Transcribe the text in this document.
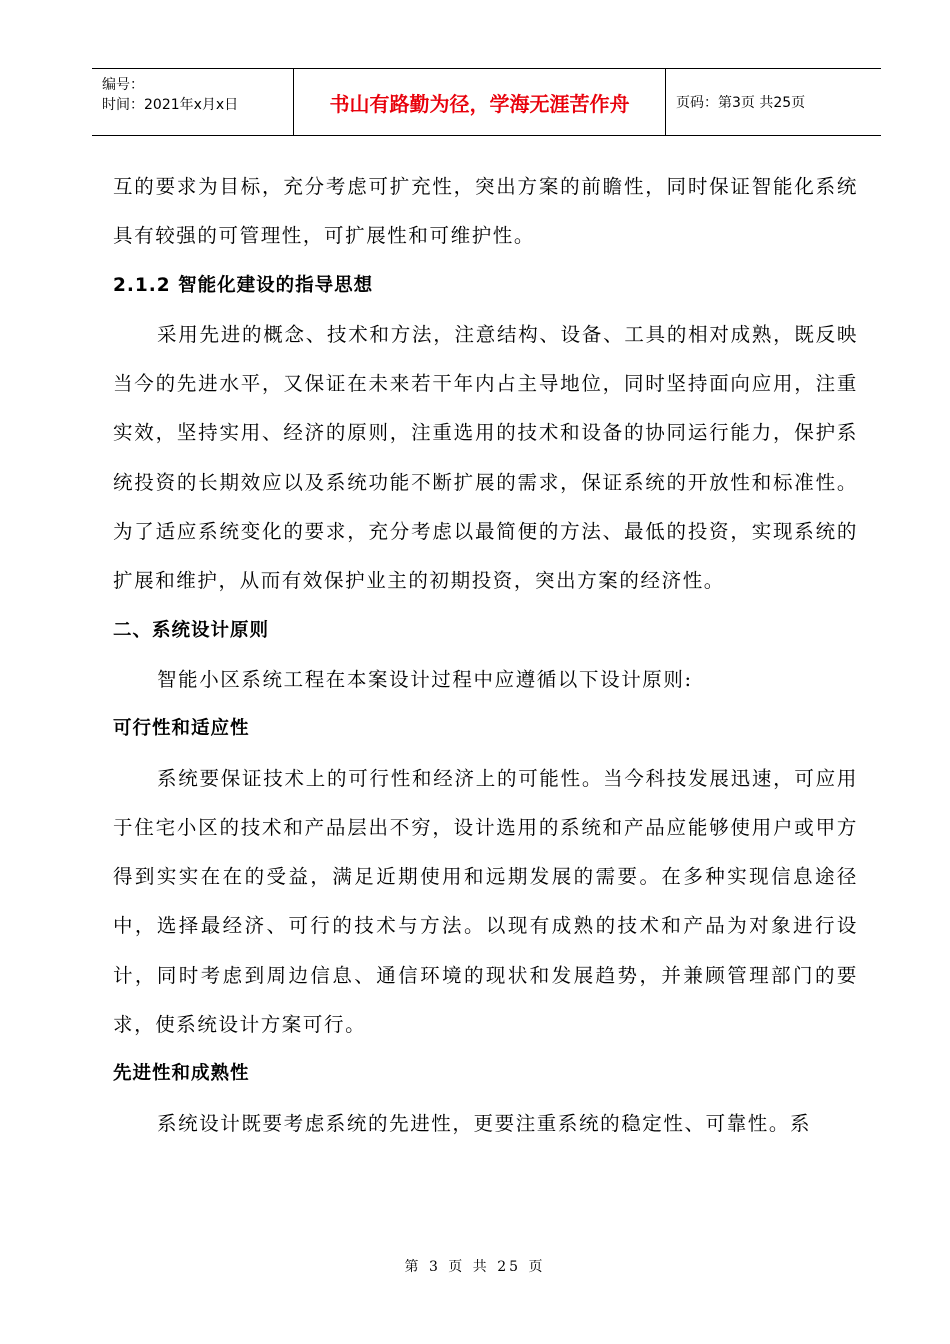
编号：
时间：2021年x月x日	书山有路勤为径，学海无涯苦作舟	页码：第3页 共25页

互的要求为目标，充分考虑可扩充性，突出方案的前瞻性，同时保证智能化系统具有较强的可管理性，可扩展性和可维护性。

2.1.2 智能化建设的指导思想

采用先进的概念、技术和方法，注意结构、设备、工具的相对成熟，既反映当今的先进水平，又保证在未来若干年内占主导地位，同时坚持面向应用，注重实效，坚持实用、经济的原则，注重选用的技术和设备的协同运行能力，保护系统投资的长期效应以及系统功能不断扩展的需求，保证系统的开放性和标准性。为了适应系统变化的要求，充分考虑以最简便的方法、最低的投资，实现系统的扩展和维护，从而有效保护业主的初期投资，突出方案的经济性。

二、系统设计原则

智能小区系统工程在本案设计过程中应遵循以下设计原则:

可行性和适应性

系统要保证技术上的可行性和经济上的可能性。当今科技发展迅速，可应用于住宅小区的技术和产品层出不穷，设计选用的系统和产品应能够使用户或甲方得到实实在在的受益，满足近期使用和远期发展的需要。在多种实现信息途径中，选择最经济、可行的技术与方法。以现有成熟的技术和产品为对象进行设计，同时考虑到周边信息、通信环境的现状和发展趋势，并兼顾管理部门的要求，使系统设计方案可行。

先进性和成熟性

系统设计既要考虑系统的先进性，更要注重系统的稳定性、可靠性。系

第 3 页 共 25 页
